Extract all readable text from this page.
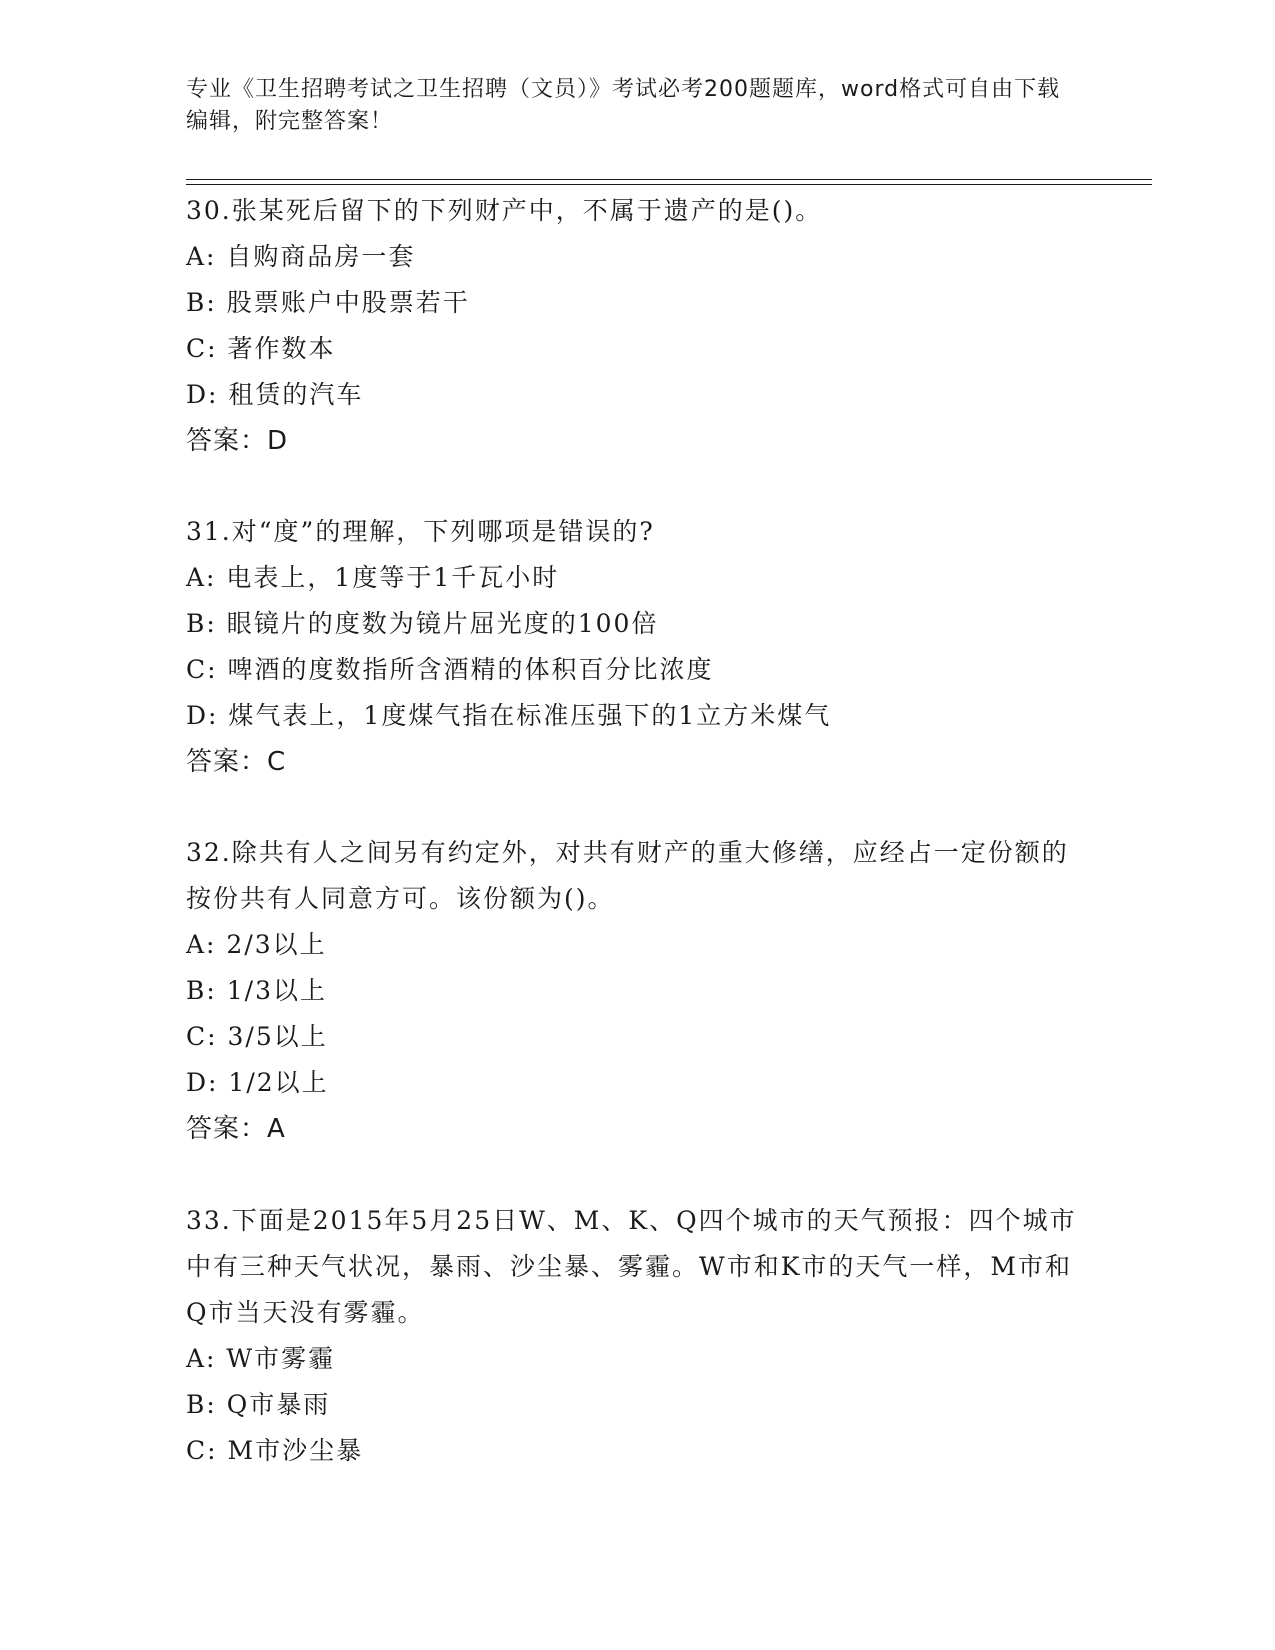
专业《卫生招聘考试之卫生招聘（文员）》考试必考200题题库，word格式可自由下载编辑，附完整答案！
30.张某死后留下的下列财产中，不属于遗产的是()。
A: 自购商品房一套
B: 股票账户中股票若干
C: 著作数本
D: 租赁的汽车
答案：D
31.对“度”的理解，下列哪项是错误的?
A: 电表上，1度等于1千瓦小时
B: 眼镜片的度数为镜片屈光度的100倍
C: 啤酒的度数指所含酒精的体积百分比浓度
D: 煤气表上，1度煤气指在标准压强下的1立方米煤气
答案：C
32.除共有人之间另有约定外，对共有财产的重大修缮，应经占一定份额的按份共有人同意方可。该份额为()。
A: 2/3以上
B: 1/3以上
C: 3/5以上
D: 1/2以上
答案：A
33.下面是2015年5月25日W、M、K、Q四个城市的天气预报：四个城市中有三种天气状况，暴雨、沙尘暴、雾霾。W市和K市的天气一样，M市和Q市当天没有雾霾。
A: W市雾霾
B: Q市暴雨
C: M市沙尘暴
